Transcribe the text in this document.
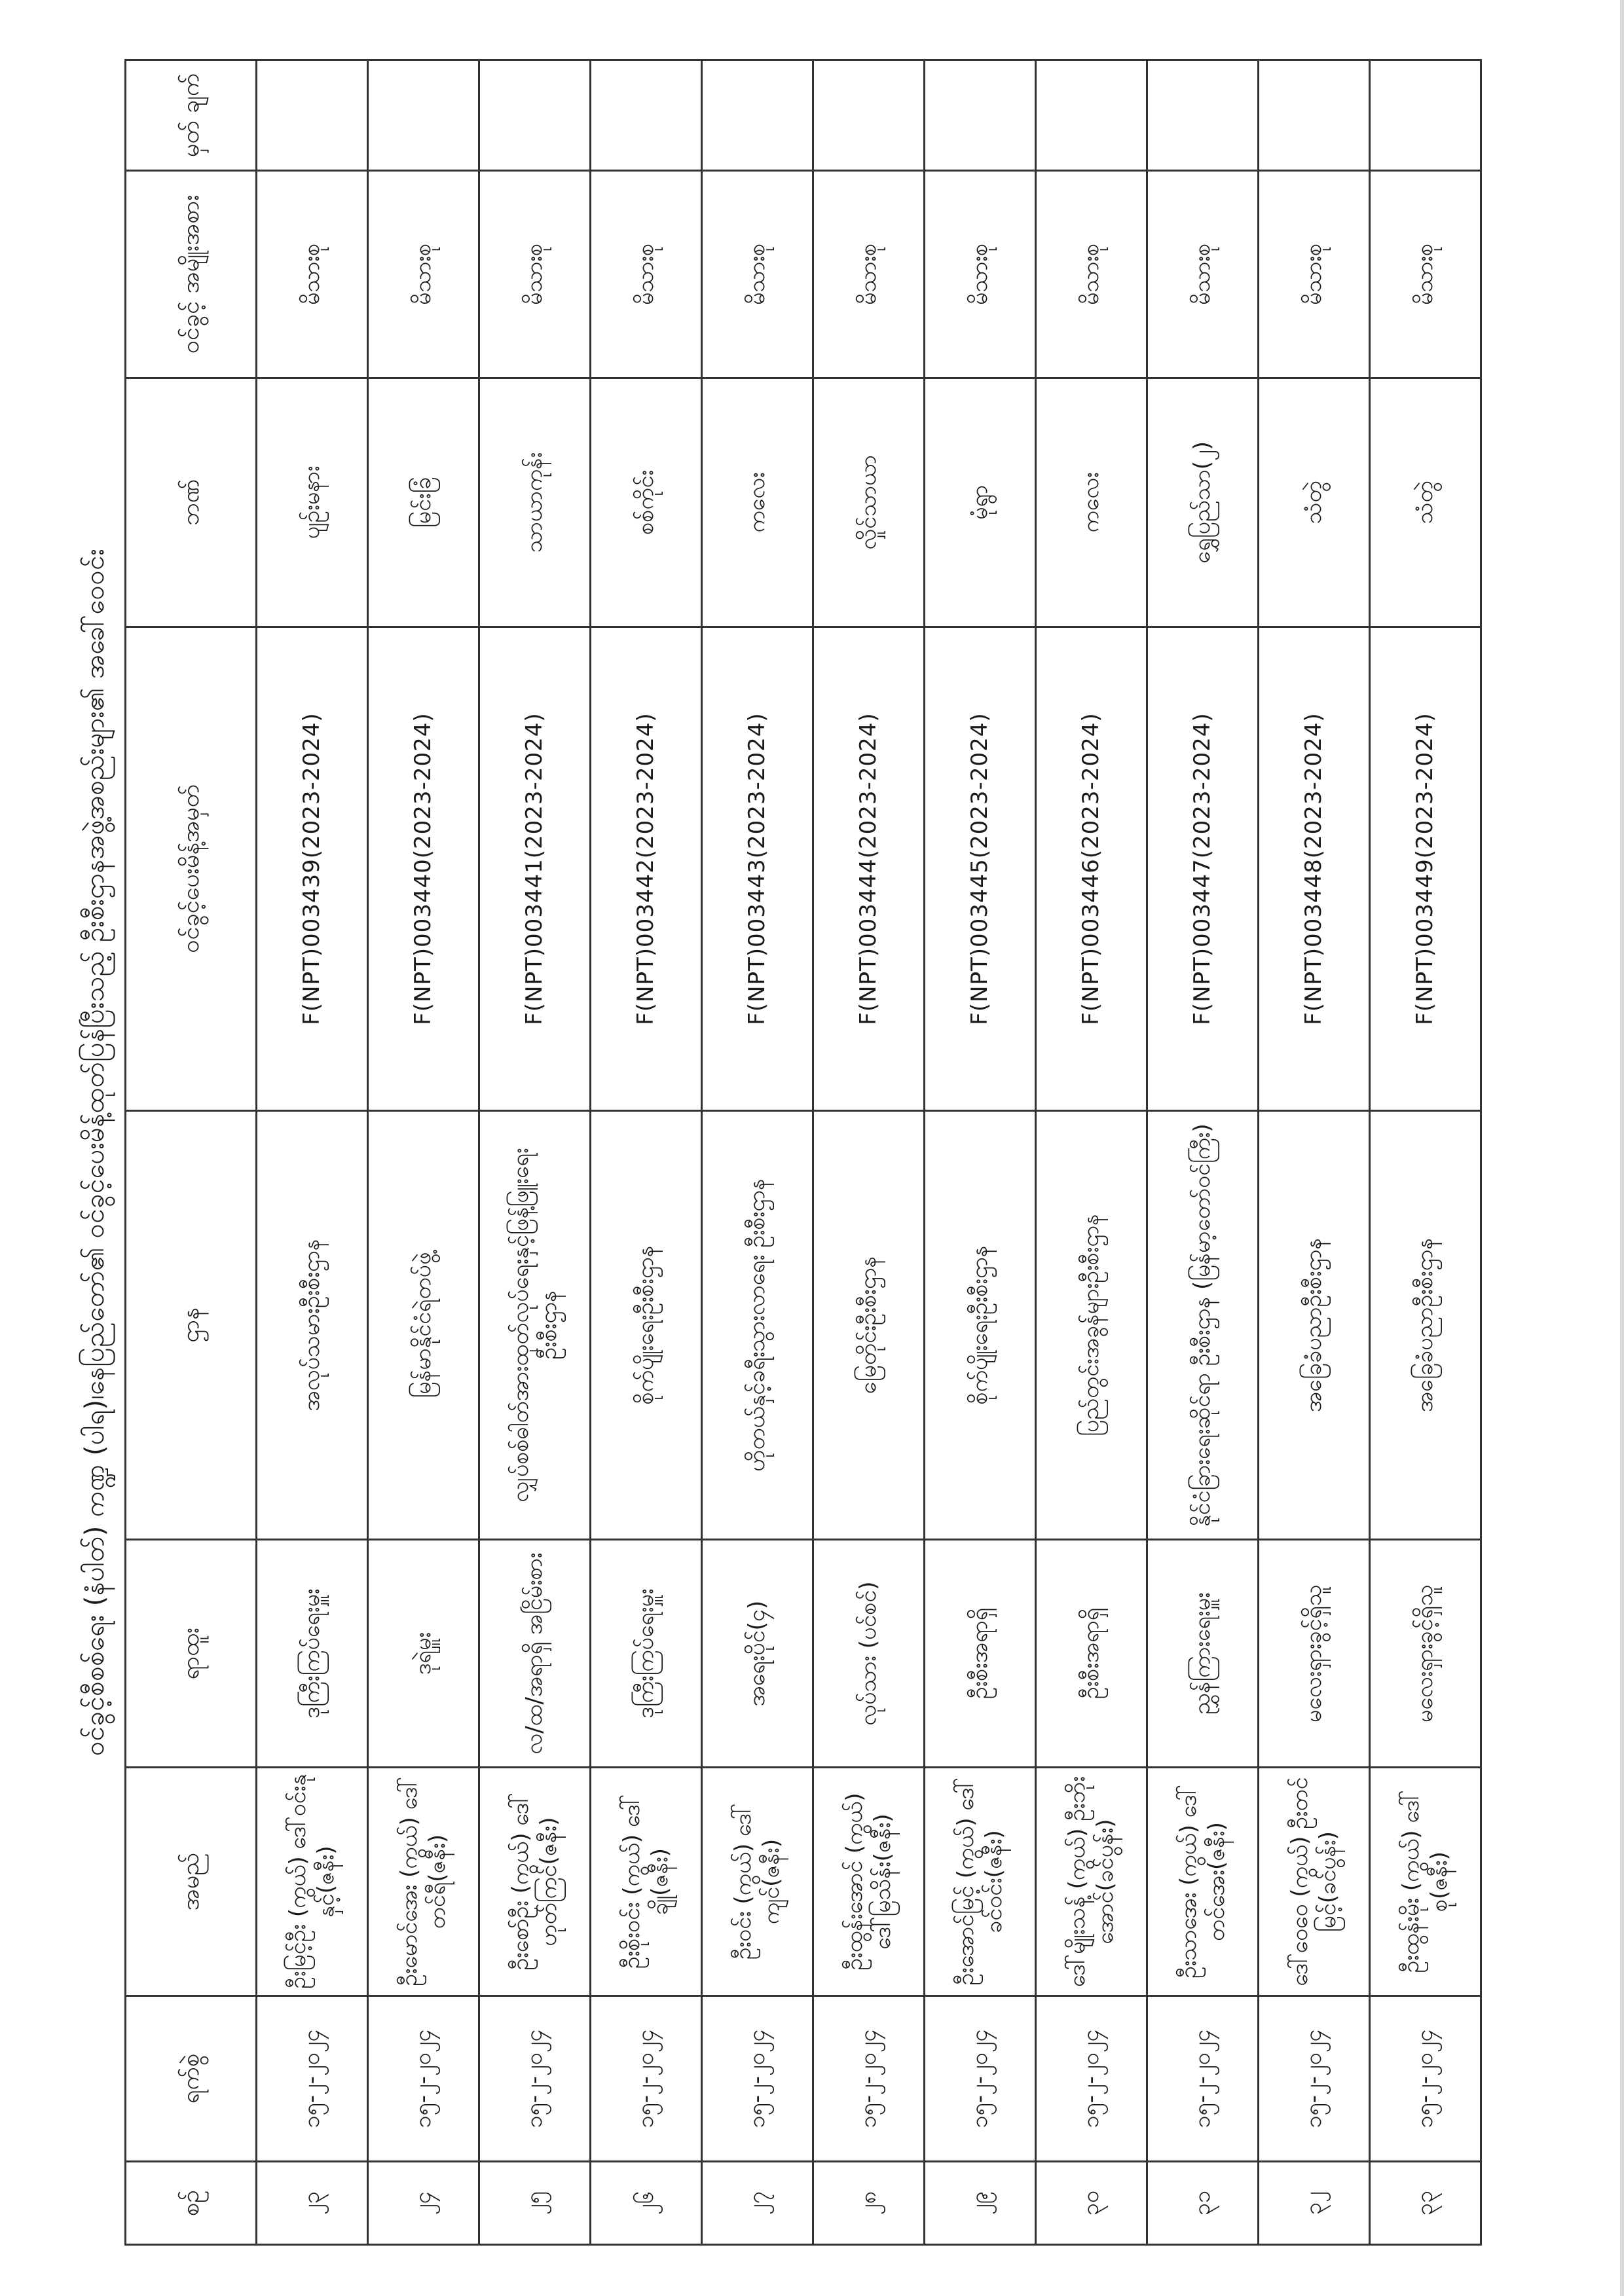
ဝင်ခွင့်စီစစ်ရေး (နံပါတ်) ကဏ္ဍ (ပါရ)၊နေပြည်တော်၏ ဝင်ခွင့်ပေးမိန့်ထုတ်ပြန်ပြီးသည့် ဦးစီးဌာနအဖွဲ့အစည်းများ၏ အခေါ်ဝေဝင်း
စဉ်	ရက်စွဲ	အမည်	ရာထူး	ဌာန	ဝင်ခွင့်ပေးမိန့်အမှတ်	ဘဏ်	ဝင်ခွင့် အမျိုးအစား	မှတ် ချက်
၂၃	၁၅-၂-၂၀၂၄	ဦးမြင့်ဦး (ကွယ်) ဒေါ်ဝင်းနုနှင့်(ဇနီး)	ဒုကြီးကြပ်ရေးမှူး	အလုပ်သမားဦးစီးဌာန	F(NPT)003439(2023-2024)	ပျဉ်းမနား	မိသားစု	
၂၄	၁၅-၂-၂၀၂၄	ဦးမောင်အေး (ကွယ်) ဒေါ်တင်ရီ(ဇနီး)	ဒုရဲမှူး	မြန်မာနိုင်ငံရဲတပ်ဖွဲ့	F(NPT)003440(2023-2024)	မြင်းခြံ	မိသားစု	
၂၅	၁၅-၂-၂၀၂၄	ဦးစော်ဦး (ကွယ်) ဒေါ်ဟုတ်ကြင်(ဇနီး)	လ/ထ/အရာရှိ အငြိမ်းစား	လျှပ်စစ်ဓါတ်အားထုတ်လုပ်ရေးနှင့်ဖြန့်ဖြူးရေး ဦးစီးဌာန	F(NPT)003441(2023-2024)	သာယာကုန်း	မိသားစု	
၂၆	၁၅-၂-၂၀၂၄	ဦးစိုးဝင်း (ကွယ်) ဒေါ်ချို(ဇနီး)	ဒုကြီးကြပ်ရေးမှူး	စိုက်ပျိုးရေးဦးစီးဌာန	F(NPT)003442(2023-2024)	စစ်ကိုင်း	မိသားစု	
၂၇	၁၅-၂-၂၀၂၄	ဦးဝင်း (ကွယ်) ဒေါ်ကျင်(ဇနီး)	အရေးပိုင်(၄)	ဟိုတယ်နှင့်ခရီးသွားလာရေး ဦးစီးဌာန	F(NPT)003443(2023-2024)	ကလေး	မိသားစု	
၂၈	၁၅-၂-၂၀၂၄	ဦးထွန်းအောင် (ကွယ်) ဒေါ်မြသိန်း(ဇနီး)	လုပ်သား (ပင်စင်)	မြေတိုင်းဦးစီးဌာန	F(NPT)003444(2023-2024)	လှိုင်သာယာ	မိသားစု	
၂၉	၁၅-၂-၂၀၂၄	ဦးအောင်မြင့် (ကွယ်) ဒေါ်ခင်ဝင်း(ဇနီး)	ဦးစီးအရာရှိ	စိုက်ပျိုးရေးဦးစီးဌာန	F(NPT)003445(2023-2024)	မုံရွာ	မိသားစု	
၃၀	၁၅-၂-၂၀၂၄	ဒေါ်မျိုးသန့် (ကွယ်) ဦးဘိုးအောင်(ခင်ပွန်း)	ဦးစီးအရာရှိ	ပြည်တွင်းအခွန်များဦးစီးဌာန	F(NPT)003446(2023-2024)	ကလေး	မိသားစု	
၃၁	၁၅-၂-၂၀၂၄	ဦးသာအေး (ကွယ်) ဒေါ်တင်အေး(ဇနီး)	ညွှန်ကြားရေးမှူး	နိုင်ငံခြားရေးဆိုင်ရာ ဦးစီးဌာန (မြန်မာ့တော်ဝင်ကြီး)	F(NPT)003447(2023-2024)	ရွှေပြည်သာ(၂)	မိသားစု	
၃၂	၁၅-၂-၂၀၂၄	ဒေါ်ဝေဝေ (ကွယ်) ဦးတင်မြင့်(ခင်ပွန်း)	မလေးရှားခွင့်ရှိသူ	အခြေခံပညာဦးစီးဌာန	F(NPT)003448(2023-2024)	သံတွဲ	မိသားစု	
၃၃	၁၅-၂-၂၀၂၄	ဦးထွန်းမိုး (ကွယ်) ဒေါ်စု(ဇနီး)	မလေးရှားခွင့်ရှိသူ	အခြေခံပညာဦးစီးဌာန	F(NPT)003449(2023-2024)	သံတွဲ	မိသားစု	
